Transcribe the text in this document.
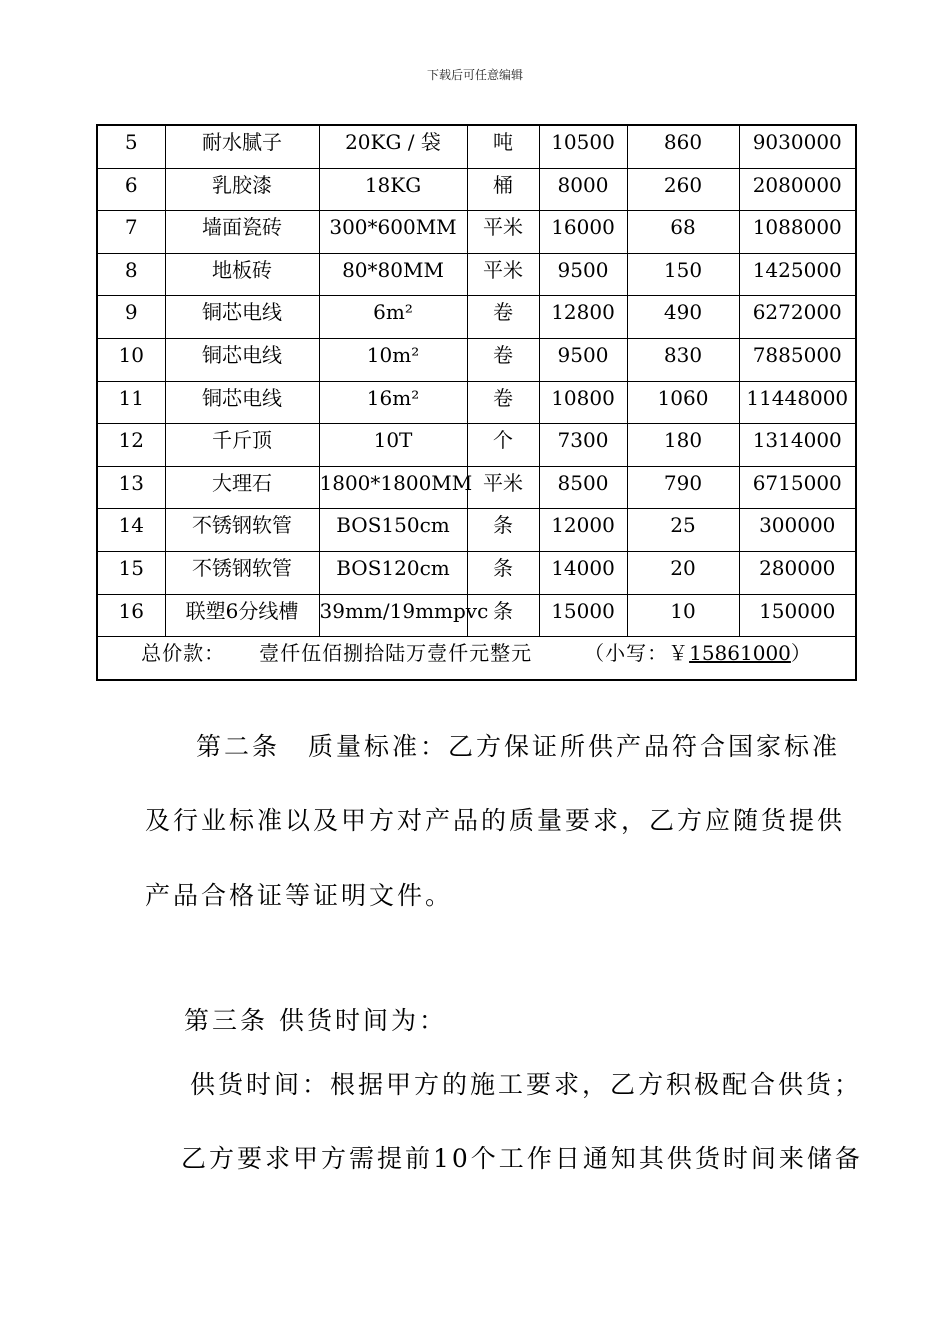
下载后可任意编辑
5	耐水腻子	20KG / 袋	吨	10500	860	9030000
6	乳胶漆	18KG	桶	8000	260	2080000
7	墙面瓷砖	300*600MM	平米	16000	68	1088000
8	地板砖	80*80MM	平米	9500	150	1425000
9	铜芯电线	6m²	卷	12800	490	6272000
10	铜芯电线	10m²	卷	9500	830	7885000
11	铜芯电线	16m²	卷	10800	1060	11448000
12	千斤顶	10T	个	7300	180	1314000
13	大理石	1800*1800MM	平米	8500	790	6715000
14	不锈钢软管	BOS150cm	条	12000	25	300000
15	不锈钢软管	BOS120cm	条	14000	20	280000
16	联塑6分线槽	39mm/19mmpvc	条	15000	10	150000
总价款： 壹仟伍佰捌拾陆万壹仟元整元 （小写：￥15861000）						
第二条　质量标准：乙方保证所供产品符合国家标准
及行业标准以及甲方对产品的质量要求，乙方应随货提供
产品合格证等证明文件。
第三条 供货时间为：
供货时间：根据甲方的施工要求，乙方积极配合供货；
乙方要求甲方需提前10个工作日通知其供货时间来储备
